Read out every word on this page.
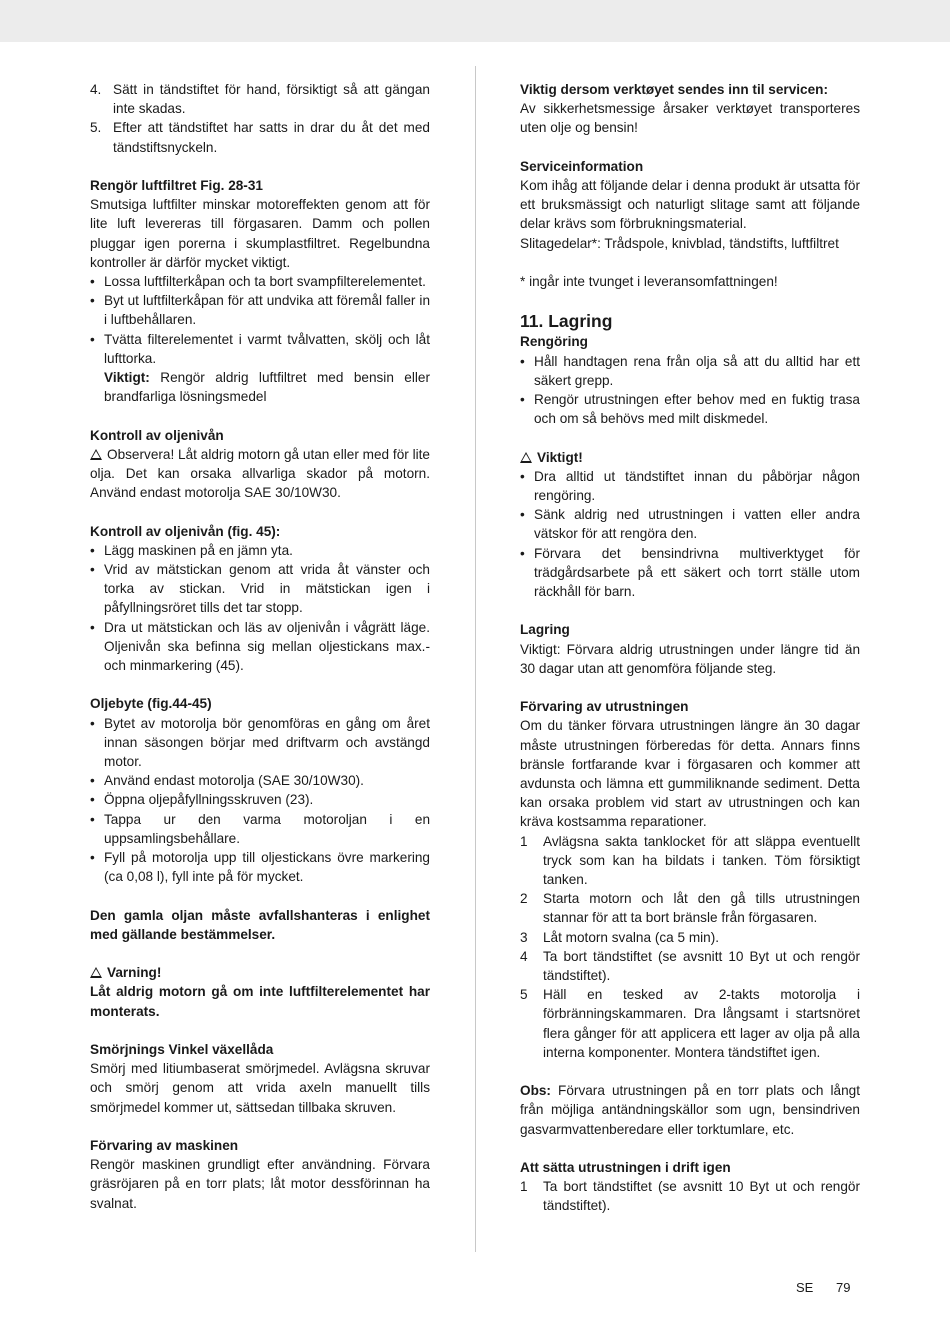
4. Sätt in tändstiftet för hand, försiktigt så att gängan inte skadas.
5. Efter att tändstiftet har satts in drar du åt det med tändstiftsnyckeln.

Rengör luftfiltret Fig. 28-31

Smutsiga luftfilter minskar motoreffekten genom att för lite luft levereras till förgasaren. Damm och pollen pluggar igen porerna i skumplastfiltret. Regelbundna kontroller är därför mycket viktigt.

• Lossa luftfilterkåpan och ta bort svampfilterelementet.
• Byt ut luftfilterkåpan för att undvika att föremål faller in i luftbehållaren.
• Tvätta filterelementet i varmt tvålvatten, skölj och låt lufttorka.
Viktigt: Rengör aldrig luftfiltret med bensin eller brandfarliga lösningsmedel

Kontroll av oljenivån

Observera! Låt aldrig motorn gå utan eller med för lite olja. Det kan orsaka allvarliga skador på motorn. Använd endast motorolja SAE 30/10W30.

Kontroll av oljenivån (fig. 45):

• Lägg maskinen på en jämn yta.
• Vrid av mätstickan genom att vrida åt vänster och torka av stickan. Vrid in mätstickan igen i påfyllningsröret tills det tar stopp.
• Dra ut mätstickan och läs av oljenivån i vågrätt läge. Oljenivån ska befinna sig mellan oljestickans max.- och minmarkering (45).

Oljebyte (fig.44-45)

• Bytet av motorolja bör genomföras en gång om året innan säsongen börjar med driftvarm och avstängd motor.
• Använd endast motorolja (SAE 30/10W30).
• Öppna oljepåfyllningsskruven (23).
• Tappa ur den varma motoroljan i en uppsamlingsbehållare.
• Fyll på motorolja upp till oljestickans övre markering (ca 0,08 l), fyll inte på för mycket.

Den gamla oljan måste avfallshanteras i enlighet med gällande bestämmelser.

Varning!

Låt aldrig motorn gå om inte luftfilterelementet har monterats.

Smörjnings Vinkel växellåda

Smörj med litiumbaserat smörjmedel. Avlägsna skruvar och smörj genom att vrida axeln manuellt tills smörjmedel kommer ut, sättsedan tillbaka skruven.

Förvaring av maskinen

Rengör maskinen grundligt efter användning. Förvara gräsröjaren på en torr plats; låt motor dessförinnan ha svalnat.

Viktig dersom verktøyet sendes inn til servicen:

Av sikkerhetsmessige årsaker verktøyet transporteres uten olje og bensin!

Serviceinformation

Kom ihåg att följande delar i denna produkt är utsatta för ett bruksmässigt och naturligt slitage samt att följande delar krävs som förbrukningsmaterial.

Slitagedelar*: Trådspole, knivblad, tändstifts, luftfiltret

* ingår inte tvunget i leveransomfattningen!

11. Lagring

Rengöring

• Håll handtagen rena från olja så att du alltid har ett säkert grepp.
• Rengör utrustningen efter behov med en fuktig trasa och om så behövs med milt diskmedel.

Viktigt!

• Dra alltid ut tändstiftet innan du påbörjar någon rengöring.
• Sänk aldrig ned utrustningen i vatten eller andra vätskor för att rengöra den.
• Förvara det bensindrivna multiverktyget för trädgårdsarbete på ett säkert och torrt ställe utom räckhåll för barn.

Lagring

Viktigt: Förvara aldrig utrustningen under längre tid än 30 dagar utan att genomföra följande steg.

Förvaring av utrustningen

Om du tänker förvara utrustningen längre än 30 dagar måste utrustningen förberedas för detta. Annars finns bränsle fortfarande kvar i förgasaren och kommer att avdunsta och lämna ett gummiliknande sediment. Detta kan orsaka problem vid start av utrustningen och kan kräva kostsamma reparationer.

1 Avlägsna sakta tanklocket för att släppa eventuellt tryck som kan ha bildats i tanken. Töm försiktigt tanken.
2 Starta motorn och låt den gå tills utrustningen stannar för att ta bort bränsle från förgasaren.
3 Låt motorn svalna (ca 5 min).
4 Ta bort tändstiftet (se avsnitt 10 Byt ut och rengör tändstiftet).
5 Häll en tesked av 2-takts motorolja i förbränningskammaren. Dra långsamt i startsnöret flera gånger för att applicera ett lager av olja på alla interna komponenter. Montera tändstiftet igen.

Obs: Förvara utrustningen på en torr plats och långt från möjliga antändningskällor som ugn, bensindriven gasvarmvattenberedare eller torktumlare, etc.

Att sätta utrustningen i drift igen

1 Ta bort tändstiftet (se avsnitt 10 Byt ut och rengör tändstiftet).
SE 79
